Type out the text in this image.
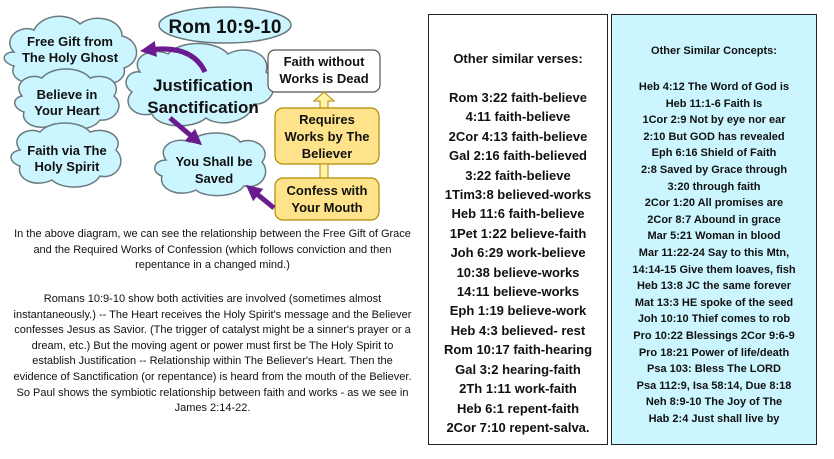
Rom 10:9-10
Free Gift from
The Holy Ghost
Believe in
Your Heart
Faith via The
Holy Spirit
Justification
Sanctification
You Shall be
Saved
Faith without
Works is Dead
Requires
Works by The
Believer
Confess with
Your Mouth

In the above diagram, we can see the relationship between the Free Gift of Grace and the Required Works of Confession (which follows conviction and then repentance in a changed mind.)

Romans 10:9-10 show both activities are involved (sometimes almost instantaneously.) -- The Heart receives the Holy Spirit's message and the Believer confesses Jesus as Savior. (The trigger of catalyst might be a sinner's prayer or a dream, etc.) But the moving agent or power must first be The Holy Spirit to establish Justification -- Relationship within The Believer's Heart. Then the evidence of Sanctification (or repentance) is heard from the mouth of the Believer. So Paul shows the symbiotic relationship between faith and works - as we see in James 2:14-22.

Other similar verses:
Rom 3:22 faith-believe
4:11 faith-believe
2Cor 4:13 faith-believe
Gal 2:16 faith-believed
3:22 faith-believe
1Tim3:8 believed-works
Heb 11:6 faith-believe
1Pet 1:22 believe-faith
Joh 6:29 work-believe
10:38 believe-works
14:11 believe-works
Eph 1:19 believe-work
Heb 4:3 believed- rest
Rom 10:17 faith-hearing
Gal 3:2 hearing-faith
2Th 1:11 work-faith
Heb 6:1 repent-faith
2Cor 7:10 repent-salva.
Other Similar Concepts:
Heb 4:12 The Word of God is
Heb 11:1-6 Faith Is
1Cor 2:9 Not by eye nor ear
2:10 But GOD has revealed
Eph 6:16 Shield of Faith
2:8 Saved by Grace through
3:20 through faith
2Cor 1:20 All promises are
2Cor 8:7 Abound in grace
Mar 5:21 Woman in blood
Mar 11:22-24 Say to this Mtn,
14:14-15 Give them loaves, fish
Heb 13:8 JC the same forever
Mat 13:3 HE spoke of the seed
Joh 10:10 Thief comes to rob
Pro 10:22 Blessings 2Cor 9:6-9
Pro 18:21 Power of life/death
Psa 103: Bless The LORD
Psa 112:9, Isa 58:14, Due 8:18
Neh 8:9-10 The Joy of The
Hab 2:4 Just shall live by
